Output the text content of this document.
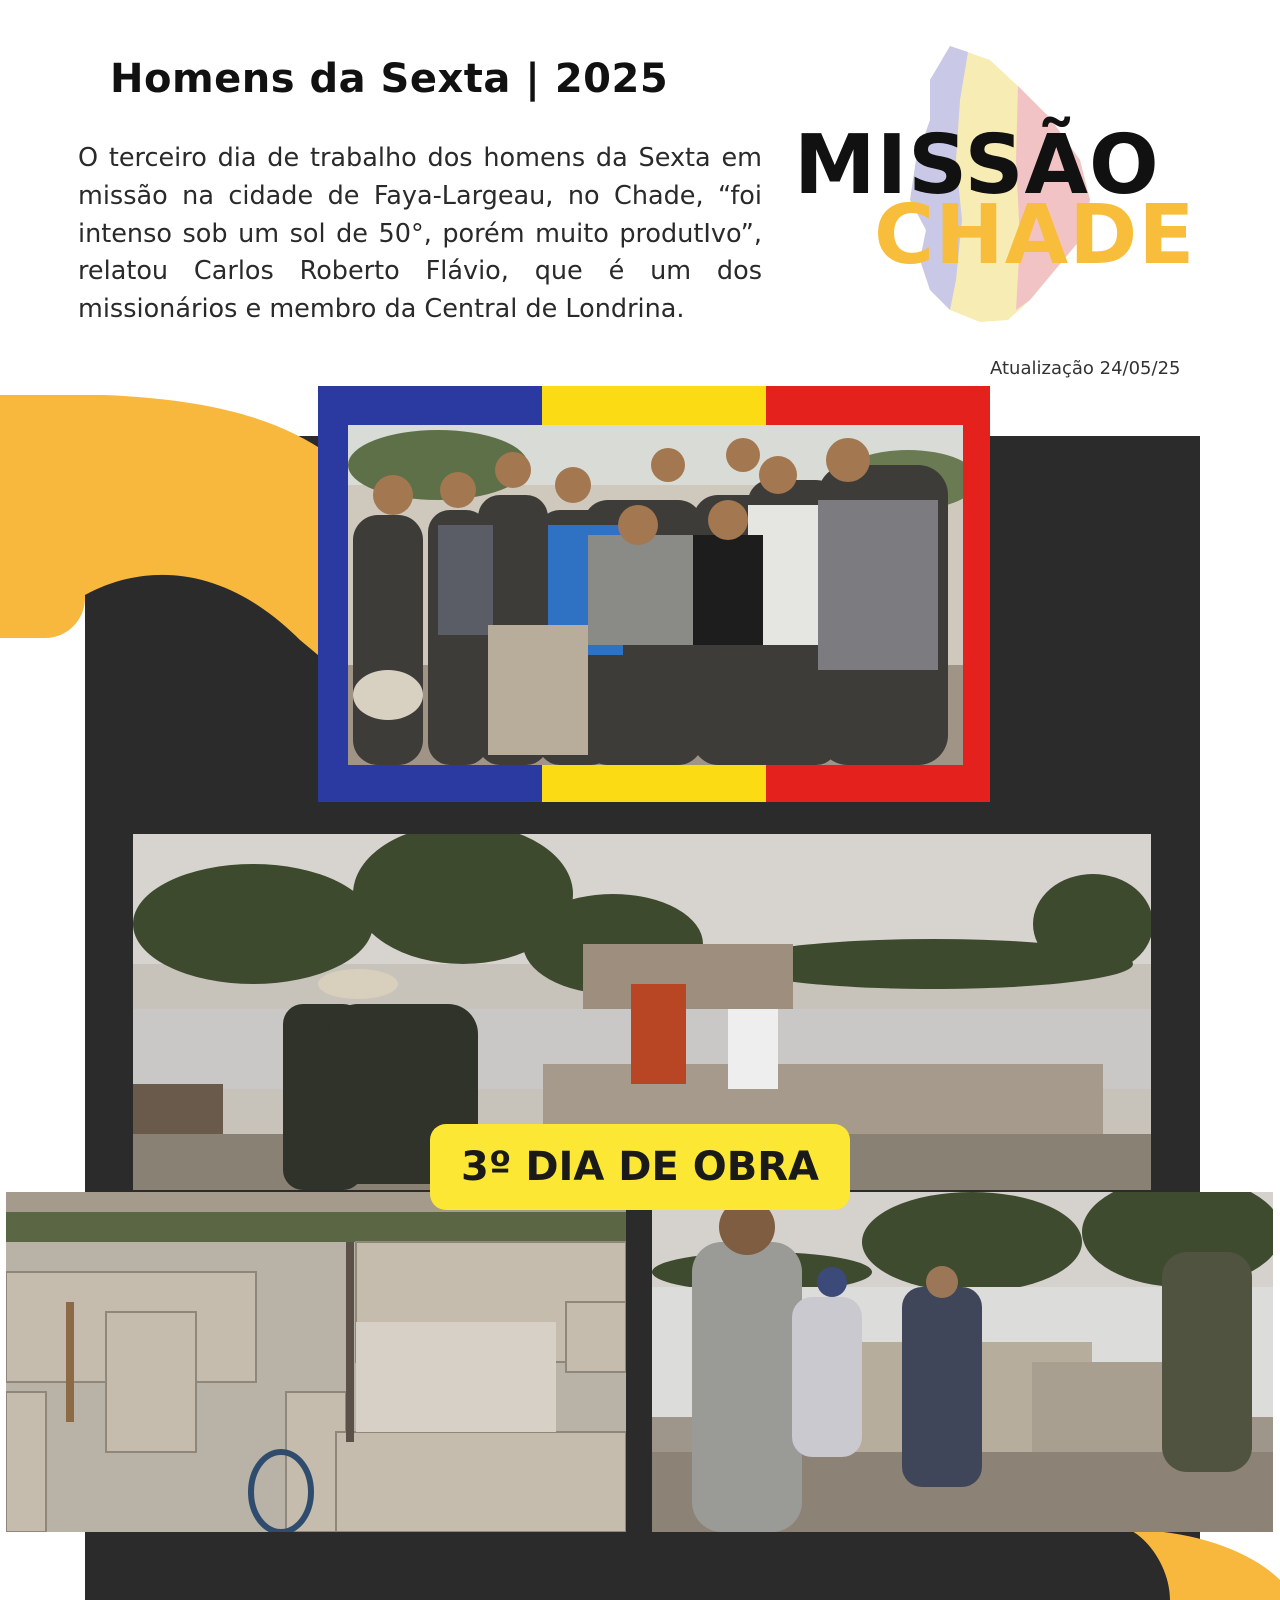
Homens da Sexta | 2025
O terceiro dia de trabalho dos homens da Sexta em missão na cidade de Faya-Largeau, no Chade, “foi intenso sob um sol de 50°, porém muito produtIvo”, relatou Carlos Roberto Flávio, que é um dos missionários e membro da Central de Londrina.
Atualização 24/05/25
MISSÃO
CHADE
3º DIA DE OBRA
